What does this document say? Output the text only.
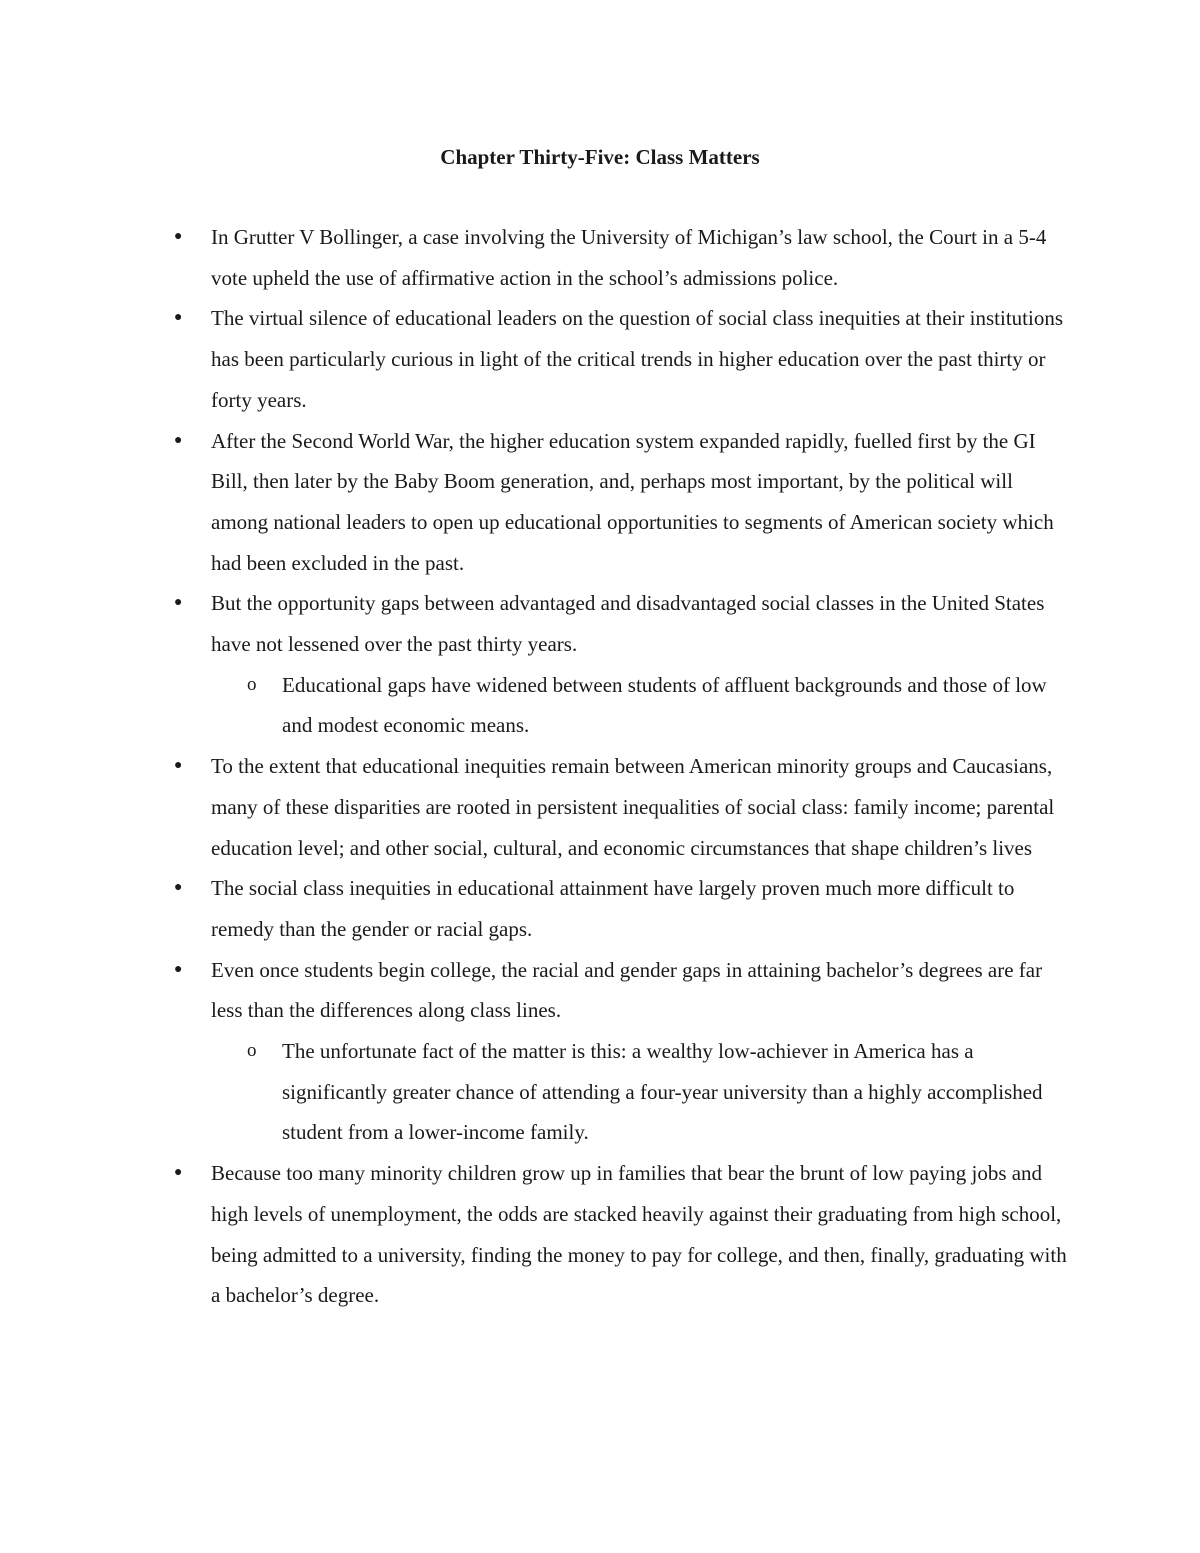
Chapter Thirty-Five: Class Matters
● In Grutter V Bollinger, a case involving the University of Michigan’s law school, the Court in a 5-4 vote upheld the use of affirmative action in the school’s admissions police.
● The virtual silence of educational leaders on the question of social class inequities at their institutions has been particularly curious in light of the critical trends in higher education over the past thirty or forty years.
● After the Second World War, the higher education system expanded rapidly, fuelled first by the GI Bill, then later by the Baby Boom generation, and, perhaps most important, by the political will among national leaders to open up educational opportunities to segments of American society which had been excluded in the past.
● But the opportunity gaps between advantaged and disadvantaged social classes in the United States have not lessened over the past thirty years.
o Educational gaps have widened between students of affluent backgrounds and those of low and modest economic means.
● To the extent that educational inequities remain between American minority groups and Caucasians, many of these disparities are rooted in persistent inequalities of social class: family income; parental education level; and other social, cultural, and economic circumstances that shape children’s lives
● The social class inequities in educational attainment have largely proven much more difficult to remedy than the gender or racial gaps.
● Even once students begin college, the racial and gender gaps in attaining bachelor’s degrees are far less than the differences along class lines.
o The unfortunate fact of the matter is this: a wealthy low-achiever in America has a significantly greater chance of attending a four-year university than a highly accomplished student from a lower-income family.
● Because too many minority children grow up in families that bear the brunt of low paying jobs and high levels of unemployment, the odds are stacked heavily against their graduating from high school, being admitted to a university, finding the money to pay for college, and then, finally, graduating with a bachelor’s degree.
